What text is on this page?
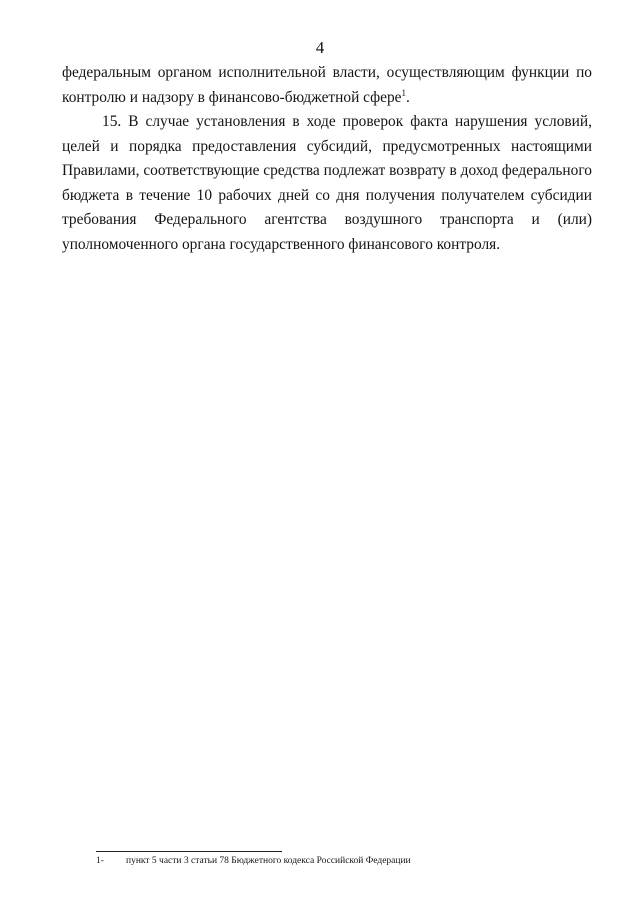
4

федеральным органом исполнительной власти, осуществляющим функции по контролю и надзору в финансово-бюджетной сфере$^1$.

15. В случае установления в ходе проверок факта нарушения условий, целей и порядка предоставления субсидий, предусмотренных настоящими Правилами, соответствующие средства подлежат возврату в доход федерального бюджета в течение 10 рабочих дней со дня получения получателем субсидии требования Федерального агентства воздушного транспорта и (или) уполномоченного органа государственного финансового контроля.

1- пункт 5 части 3 статьи 78 Бюджетного кодекса Российской Федерации
